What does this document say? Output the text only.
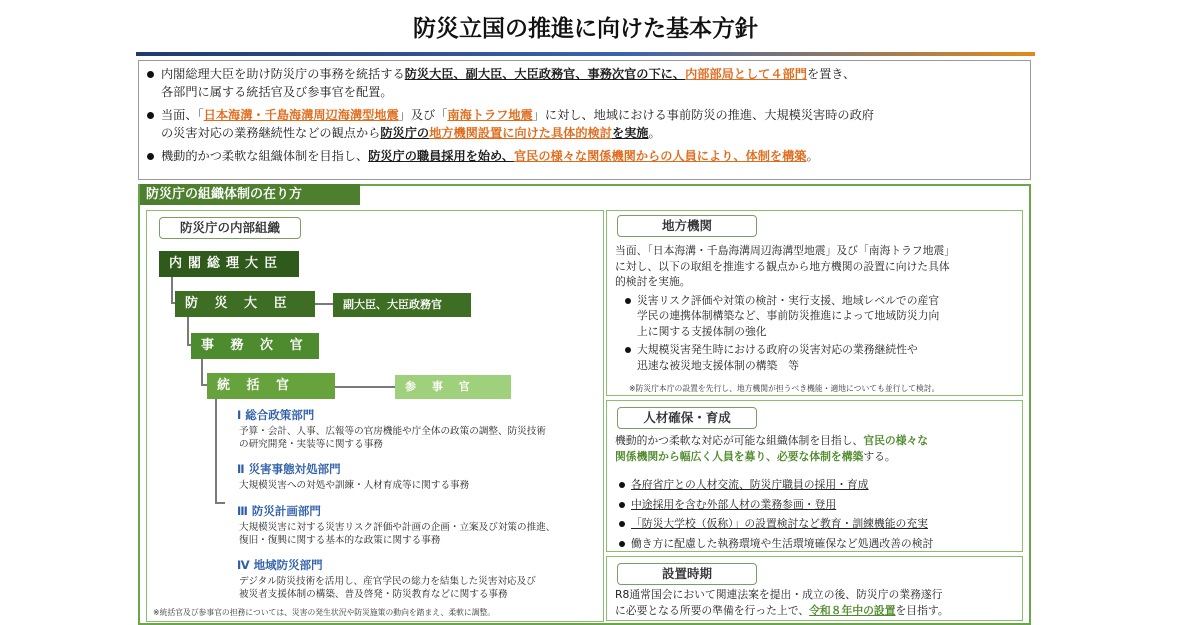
防災立国の推進に向けた基本方針
内閣総理大臣を助け防災庁の事務を統括する防災大臣、副大臣、大臣政務官、事務次官の下に、内部部局として４部門を置き、
各部門に属する統括官及び参事官を配置。
当面、「日本海溝・千島海溝周辺海溝型地震」及び「南海トラフ地震」に対し、地域における事前防災の推進、大規模災害時の政府
の災害対応の業務継続性などの観点から防災庁の地方機関設置に向けた具体的検討を実施。
機動的かつ柔軟な組織体制を目指し、防災庁の職員採用を始め、官民の様々な関係機関からの人員により、体制を構築。
防災庁の組織体制の在り方
防災庁の内部組織
内閣総理大臣
防 災 大 臣	副大臣、大臣政務官
事 務 次 官
統 括 官	参 事 官
Ⅰ 総合政策部門
予算・会計、人事、広報等の官房機能や庁全体の政策の調整、防災技術
の研究開発・実装等に関する事務
Ⅱ 災害事態対処部門
大規模災害への対処や訓練・人材育成等に関する事務
Ⅲ 防災計画部門
大規模災害に対する災害リスク評価や計画の企画・立案及び対策の推進、
復旧・復興に関する基本的な政策に関する事務
Ⅳ 地域防災部門
デジタル防災技術を活用し、産官学民の総力を結集した災害対応及び
被災者支援体制の構築、普及啓発・防災教育などに関する事務
※統括官及び参事官の担務については、災害の発生状況や防災施策の動向を踏まえ、柔軟に調整。
地方機関
当面、「日本海溝・千島海溝周辺海溝型地震」及び「南海トラフ地震」
に対し、以下の取組を推進する観点から地方機関の設置に向けた具体
的検討を実施。
災害リスク評価や対策の検討・実行支援、地域レベルでの産官
学民の連携体制構築など、事前防災推進によって地域防災力向
上に関する支援体制の強化
大規模災害発生時における政府の災害対応の業務継続性や
迅速な被災地支援体制の構築　等
※防災庁本庁の設置を先行し、地方機関が担うべき機能・適地についても並行して検討。
人材確保・育成
機動的かつ柔軟な対応が可能な組織体制を目指し、官民の様々な
関係機関から幅広く人員を募り、必要な体制を構築する。
各府省庁との人材交流、防災庁職員の採用・育成
中途採用を含む外部人材の業務参画・登用
「防災大学校（仮称）」の設置検討など教育・訓練機能の充実
働き方に配慮した執務環境や生活環境確保など処遇改善の検討
設置時期
R8通常国会において関連法案を提出・成立の後、防災庁の業務遂行
に必要となる所要の準備を行った上で、令和８年中の設置を目指す。
